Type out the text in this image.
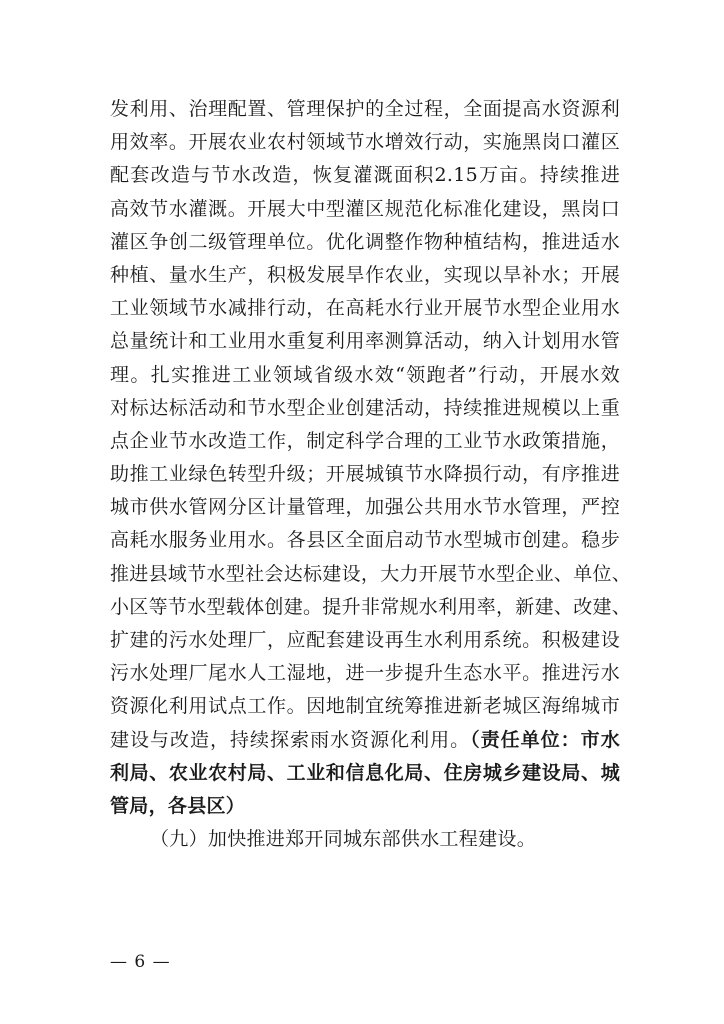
发利用、治理配置、管理保护的全过程，全面提高水资源利
用效率。开展农业农村领域节水增效行动，实施黑岗口灌区
配套改造与节水改造，恢复灌溉面积2.15万亩。持续推进
高效节水灌溉。开展大中型灌区规范化标准化建设，黑岗口
灌区争创二级管理单位。优化调整作物种植结构，推进适水
种植、量水生产，积极发展旱作农业，实现以旱补水；开展
工业领域节水减排行动，在高耗水行业开展节水型企业用水
总量统计和工业用水重复利用率测算活动，纳入计划用水管
理。扎实推进工业领域省级水效“领跑者”行动，开展水效
对标达标活动和节水型企业创建活动，持续推进规模以上重
点企业节水改造工作，制定科学合理的工业节水政策措施，
助推工业绿色转型升级；开展城镇节水降损行动，有序推进
城市供水管网分区计量管理，加强公共用水节水管理，严控
高耗水服务业用水。各县区全面启动节水型城市创建。稳步
推进县域节水型社会达标建设，大力开展节水型企业、单位、
小区等节水型载体创建。提升非常规水利用率，新建、改建、
扩建的污水处理厂，应配套建设再生水利用系统。积极建设
污水处理厂尾水人工湿地，进一步提升生态水平。推进污水
资源化利用试点工作。因地制宜统筹推进新老城区海绵城市
建设与改造，持续探索雨水资源化利用。（责任单位：市水
利局、农业农村局、工业和信息化局、住房城乡建设局、城
管局，各县区）
（九）加快推进郑开同城东部供水工程建设。
— 6 —
